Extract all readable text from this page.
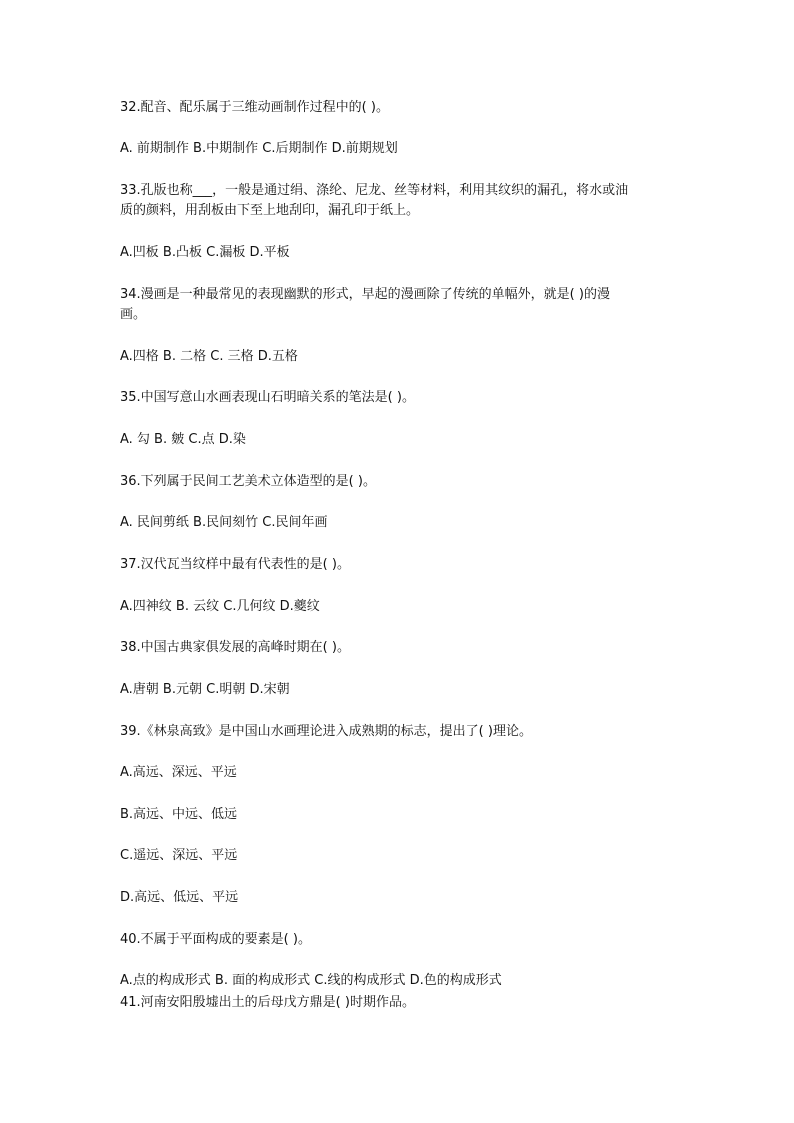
32.配音、配乐属于三维动画制作过程中的( )。
A. 前期制作 B.中期制作 C.后期制作 D.前期规划
33.孔版也称___，一般是通过绢、涤纶、尼龙、丝等材料，利用其纹织的漏孔，将水或油
质的颜料，用刮板由下至上地刮印，漏孔印于纸上。
A.凹板 B.凸板 C.漏板 D.平板
34.漫画是一种最常见的表现幽默的形式，早起的漫画除了传统的单幅外，就是( )的漫
画。
A.四格 B. 二格 C. 三格 D.五格
35.中国写意山水画表现山石明暗关系的笔法是( )。
A. 勾 B. 皴 C.点 D.染
36.下列属于民间工艺美术立体造型的是( )。
A. 民间剪纸 B.民间刻竹 C.民间年画
37.汉代瓦当纹样中最有代表性的是( )。
A.四神纹 B. 云纹 C.几何纹 D.夔纹
38.中国古典家俱发展的高峰时期在( )。
A.唐朝 B.元朝 C.明朝 D.宋朝
39.《林泉高致》是中国山水画理论进入成熟期的标志，提出了( )理论。
A.高远、深远、平远
B.高远、中远、低远
C.遥远、深远、平远
D.高远、低远、平远
40.不属于平面构成的要素是( )。
A.点的构成形式 B. 面的构成形式 C.线的构成形式 D.色的构成形式
41.河南安阳殷墟出土的后母戊方鼎是( )时期作品。
